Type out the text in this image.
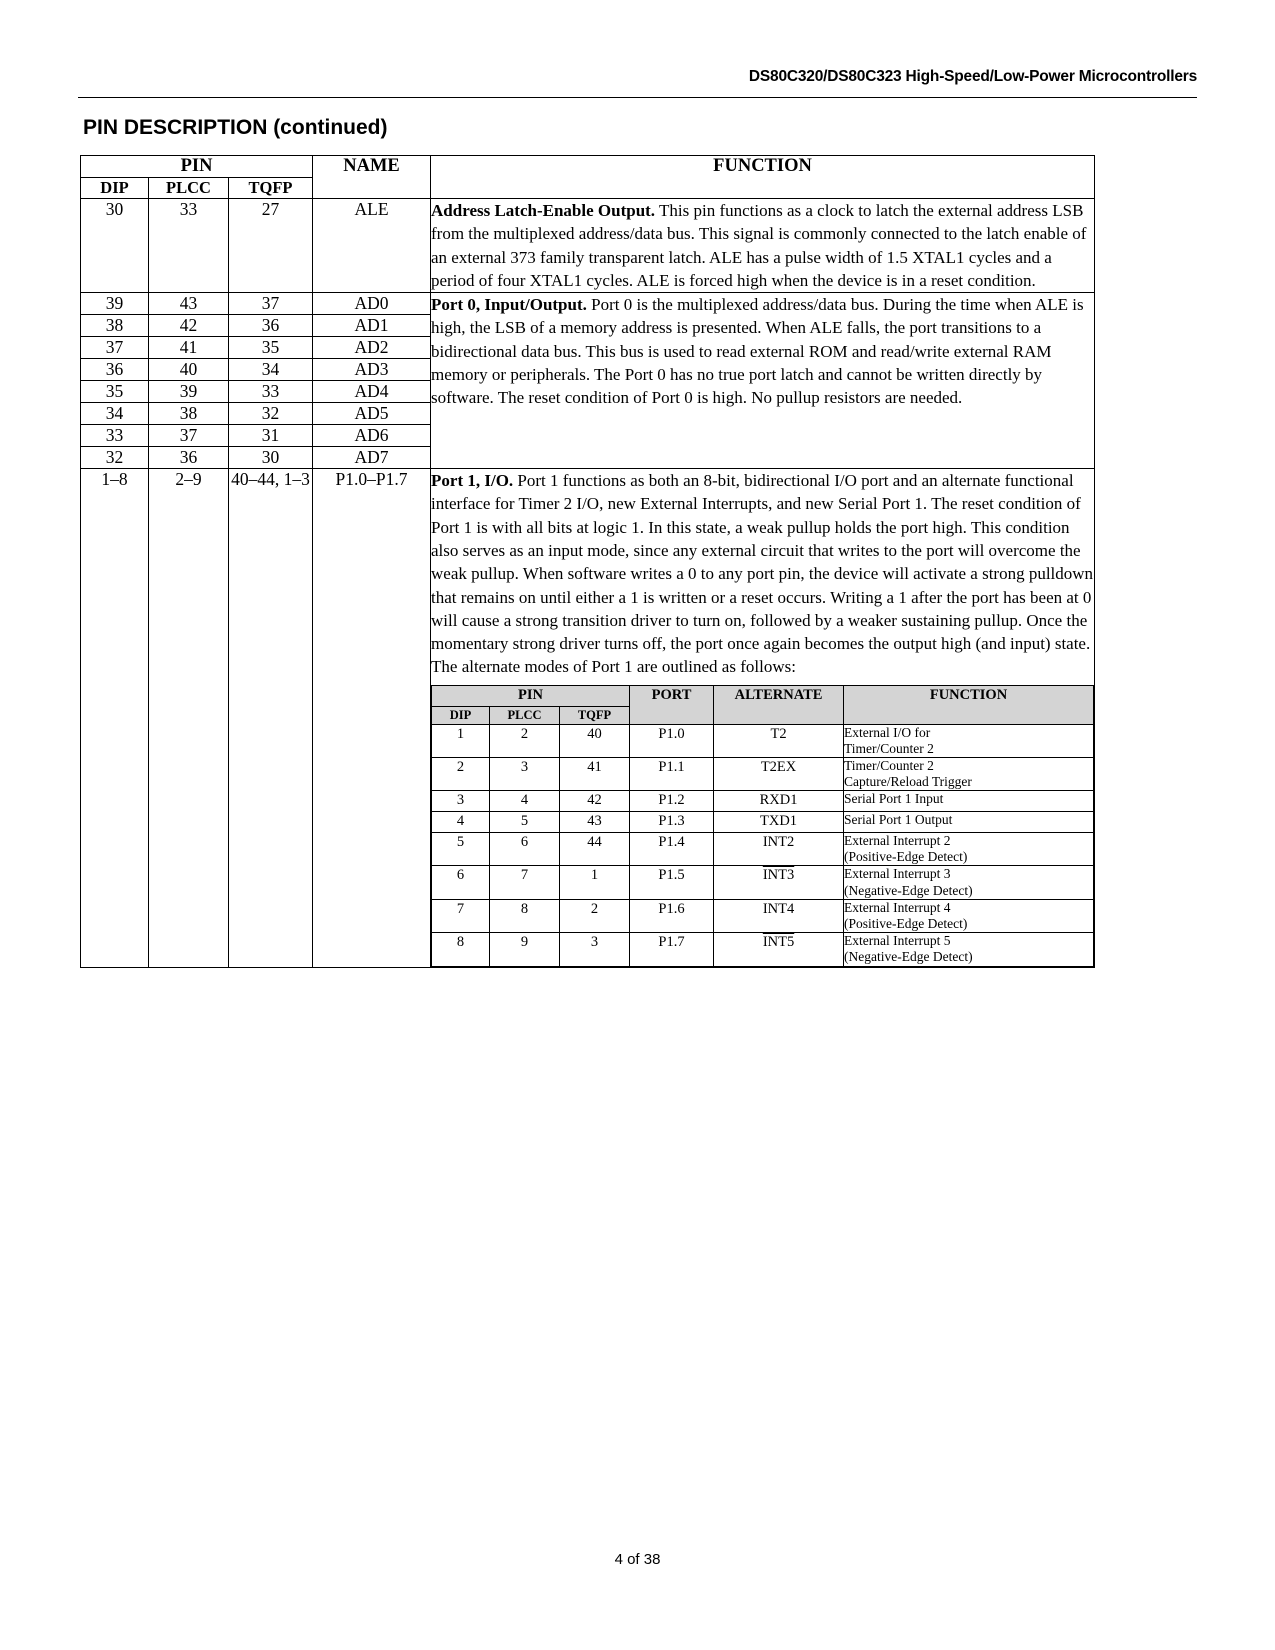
DS80C320/DS80C323 High-Speed/Low-Power Microcontrollers
PIN DESCRIPTION (continued)
PIN	NAME	FUNCTION
DIP	PLCC	TQFP
30	33	27	ALE	Address Latch-Enable Output. This pin functions as a clock to latch the external address LSB from the multiplexed address/data bus. This signal is commonly connected to the latch enable of an external 373 family transparent latch. ALE has a pulse width of 1.5 XTAL1 cycles and a period of four XTAL1 cycles. ALE is forced high when the device is in a reset condition.
39	43	37	AD0	Port 0, Input/Output. Port 0 is the multiplexed address/data bus. During the time when ALE is high, the LSB of a memory address is presented. When ALE falls, the port transitions to a bidirectional data bus. This bus is used to read external ROM and read/write external RAM memory or peripherals. The Port 0 has no true port latch and cannot be written directly by software. The reset condition of Port 0 is high. No pullup resistors are needed.
38	42	36	AD1
37	41	35	AD2
36	40	34	AD3
35	39	33	AD4
34	38	32	AD5
33	37	31	AD6
32	36	30	AD7
1–8	2–9	40–44, 1–3	P1.0–P1.7	Port 1, I/O. Port 1 functions as both an 8-bit, bidirectional I/O port and an alternate functional interface for Timer 2 I/O, new External Interrupts, and new Serial Port 1. The reset condition of Port 1 is with all bits at logic 1. In this state, a weak pullup holds the port high. This condition also serves as an input mode, since any external circuit that writes to the port will overcome the weak pullup. When software writes a 0 to any port pin, the device will activate a strong pulldown that remains on until either a 1 is written or a reset occurs. Writing a 1 after the port has been at 0 will cause a strong transition driver to turn on, followed by a weaker sustaining pullup. Once the momentary strong driver turns off, the port once again becomes the output high (and input) state. The alternate modes of Port 1 are outlined as follows:
PIN	PORT	ALTERNATE	FUNCTION
DIP	PLCC	TQFP
1	2	40	P1.0	T2	External I/O for
Timer/Counter 2

2	3	41	P1.1	T2EX	Timer/Counter 2
Capture/Reload Trigger

3	4	42	P1.2	RXD1	Serial Port 1 Input

4	5	43	P1.3	TXD1	Serial Port 1 Output

5	6	44	P1.4	INT2	External Interrupt 2
(Positive-Edge Detect)

6	7	1	P1.5	INT3	External Interrupt 3
(Negative-Edge Detect)

7	8	2	P1.6	INT4	External Interrupt 4
(Positive-Edge Detect)

8	9	3	P1.7	INT5	External Interrupt 5
(Negative-Edge Detect)
4 of 38
